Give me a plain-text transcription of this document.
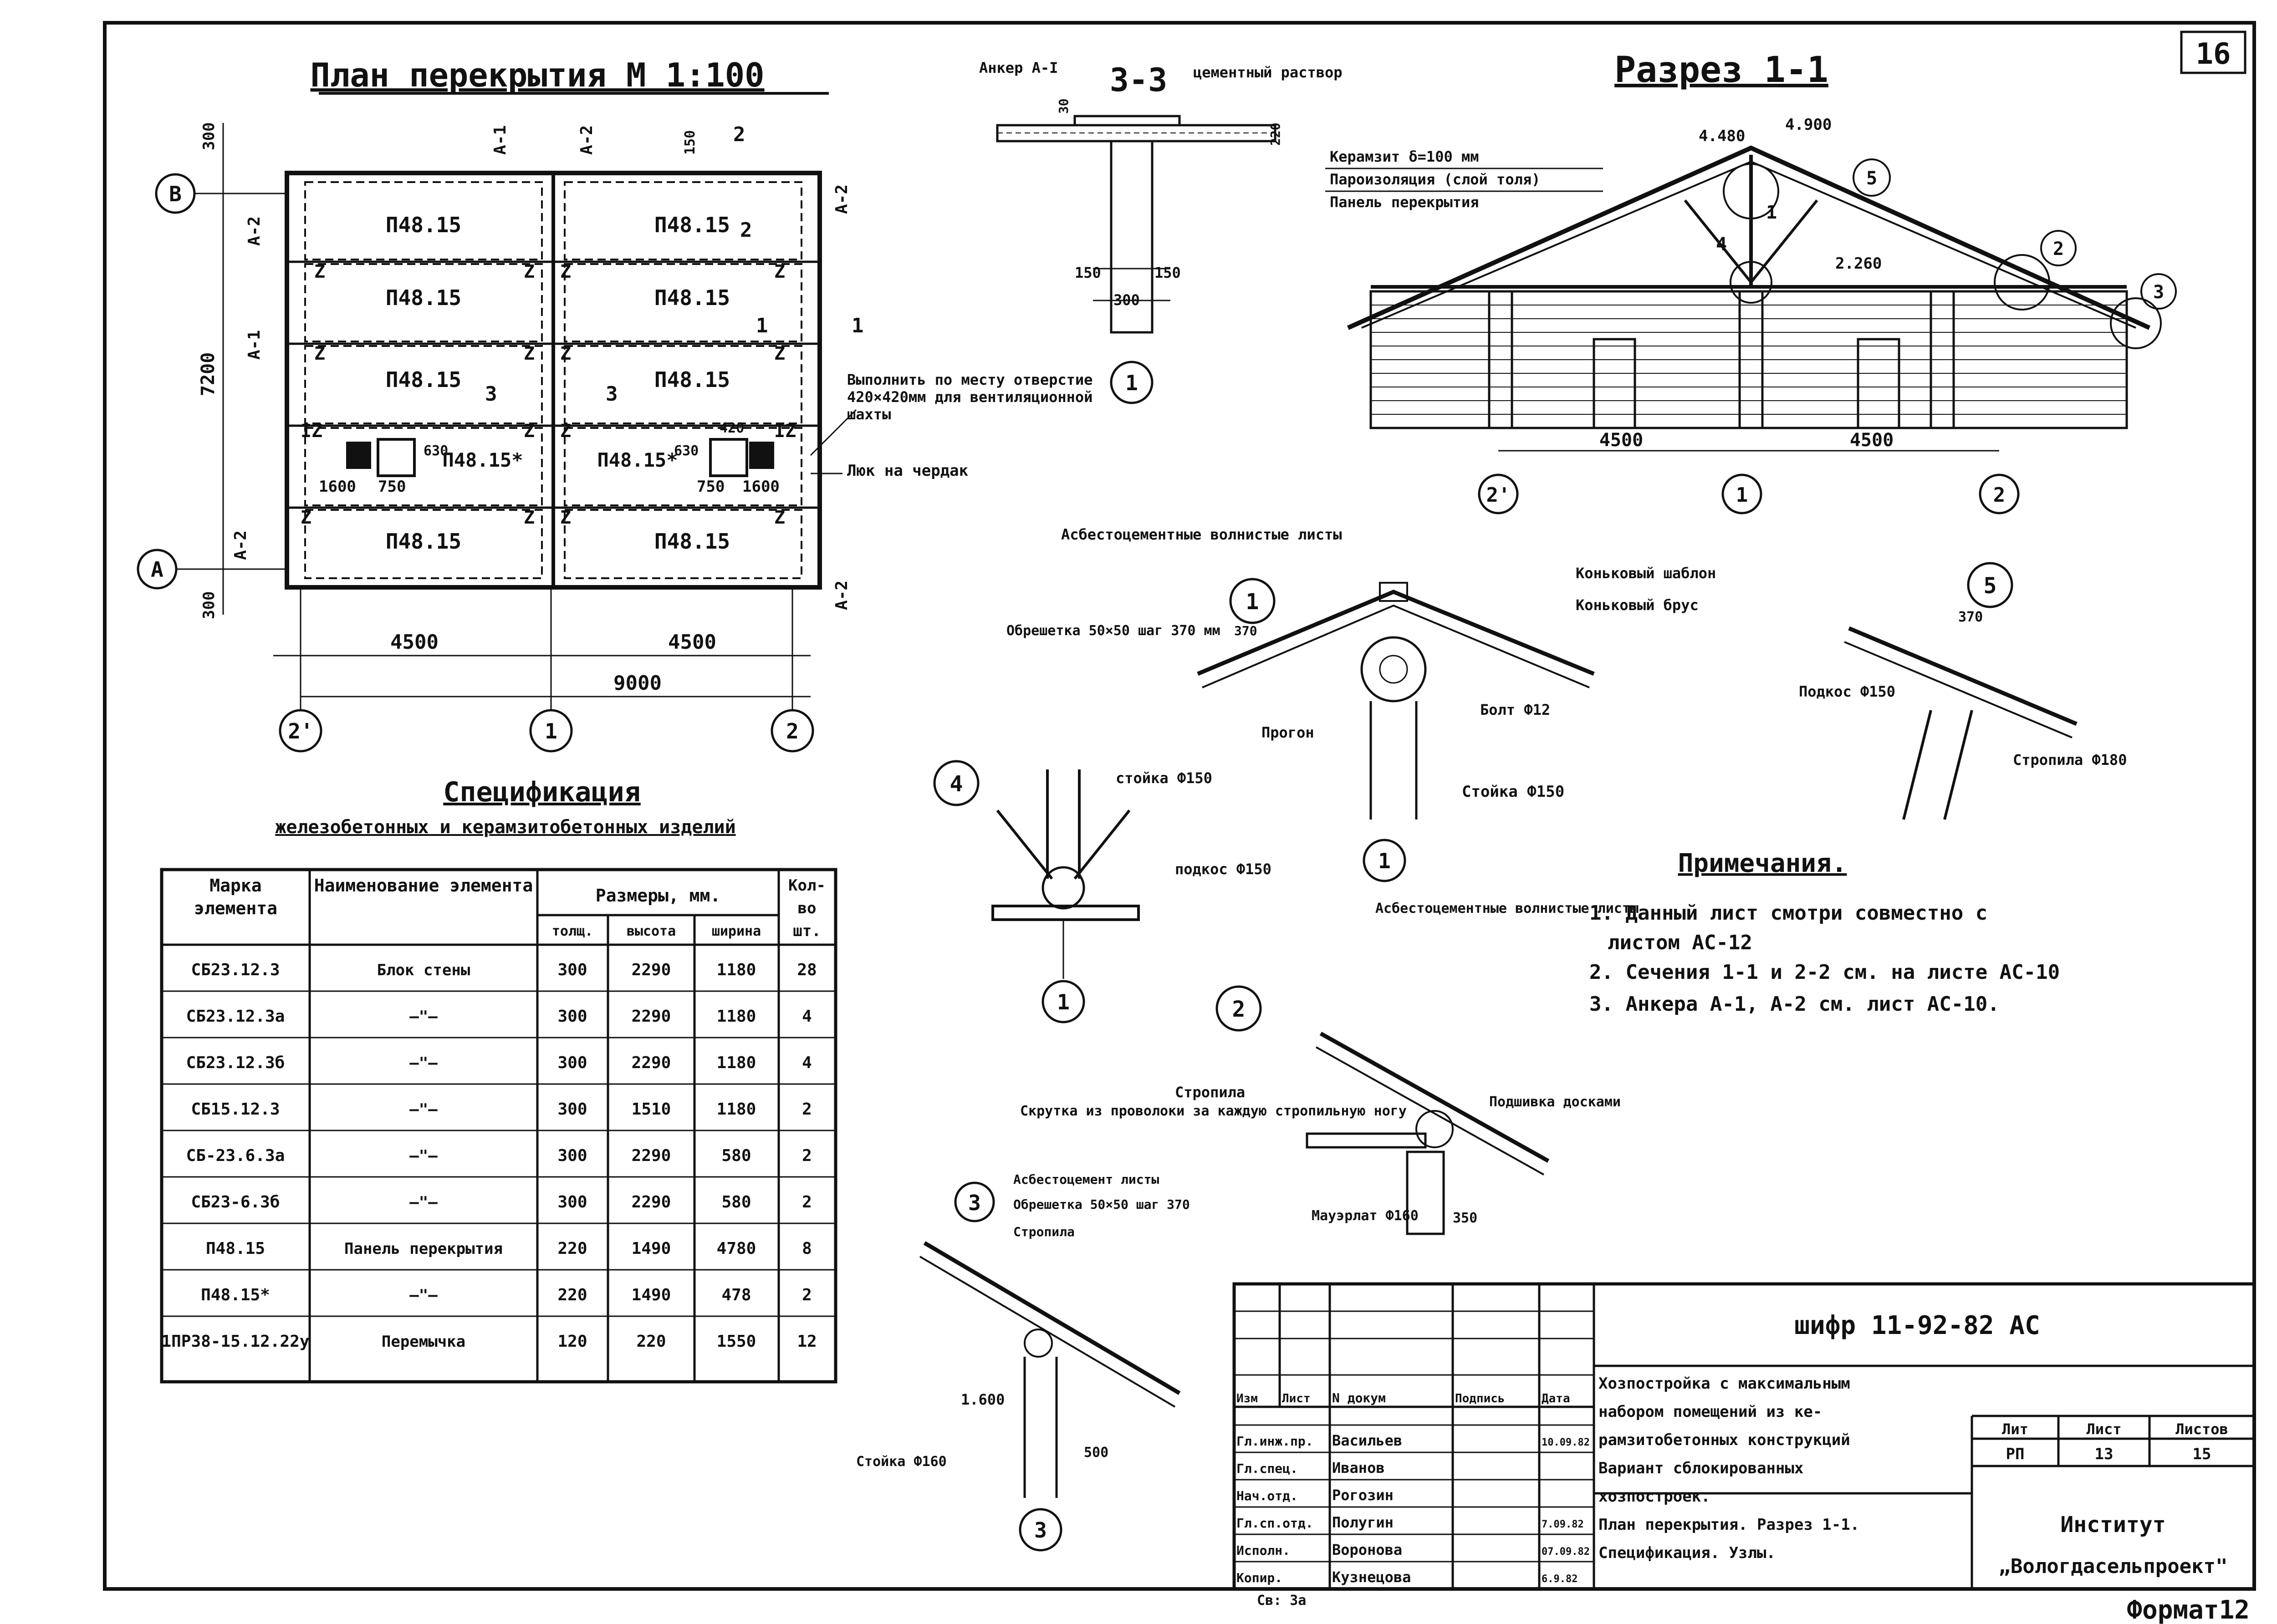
16
Формат12
План перекрытия М 1:100
П48.15	П48.15
П48.15	П48.15
П48.15	П48.15
П48.15*	П48.15*
П48.15	П48.15
1600 750
630
750 1600
630
420
Z	Z Z	Z
Z	Z Z	Z
IZ	Z Z	IZ
Z	Z Z	Z
А-1	А-2
А-2
А-2
А-1
А-2
А-2
2
2
1	1
3	3
В
А
300
7200
300
150
4500	4500
9000
2'	1	2
Выполнить по месту отверстие 420×420мм для вентиляционной шахты
Люк на чердак
3-3
Анкер А-I	цементный раствор
150	150
300
30
220
1
Разрез 1-1
Керамзит δ=100 мм
Пароизоляция (слой толя)
Панель перекрытия
4.480
4.900
2.260
5
2
3
1
4
4500	4500
2'	1	2
Асбестоцементные волнистые листы
Коньковый шаблон
Коньковый брус
Обрешетка 50×50 шаг 370 мм 370
1
Прогон
Болт Ф12
Стойка Ф150
1
5
370
Подкос Ф150
Стропила Ф180
4	стойка Ф150
подкос Ф150
1
Примечания.
1. Данный лист смотри совместно с
листом АС-12
2. Сечения 1-1 и 2-2 см. на листе АС-10
3. Анкера А-1, А-2 см. лист АС-10.
Асбестоцементные волнистые листы
2
Стропила
Скрутка из проволоки за каждую стропильную ногу
Подшивка досками
Мауэрлат Ф160	350
3
Асбестоцемент листы
Обрешетка 50×50 шаг 370
Стропила
1.600
Стойка Ф160
500
3
Спецификация
железобетонных и керамзитобетонных изделий
Марка элемента
Наименование элемента	Размеры, мм.
толщ. высота	ширина
Кол-во шт.
СБ23.12.3	Блок стены	300	2290	1180 28
СБ23.12.3а	—"—	300	2290	1180	4
СБ23.12.3б	—"—	300	2290	1180	4
СБ15.12.3	—"—	300	1510	1180	2
СБ-23.6.3а	—"—	300	2290	580	2
СБ23-6.3б	—"—	300	2290	580	2
П48.15	Панель перекрытия	220	1490	4780	8
П48.15*	—"—	220	1490	478	2
1ПР38-15.12.22у	Перемычка	120	220	1550 12
шифр 11-92-82 АС
Изм Лист N докум	Подпись	Дата
Гл.инж.пр. Васильев	10.09.82
Гл.спец. Иванов
Нач.отд. Рогозин
Гл.сп.отд. Полугин	7.09.82
Исполн.	Воронова	07.09.82
Копир.	Кузнецова	6.9.82
Св: За
Хозпостройка с максимальным
набором помещений из ке-
рамзитобетонных конструкций
Вариант сблокированных
хозпостроек.
План перекрытия. Разрез 1-1.
Спецификация. Узлы.
Лит	Лист	Листов
РП	13	15
Институт
„Вологдасельпроект"
